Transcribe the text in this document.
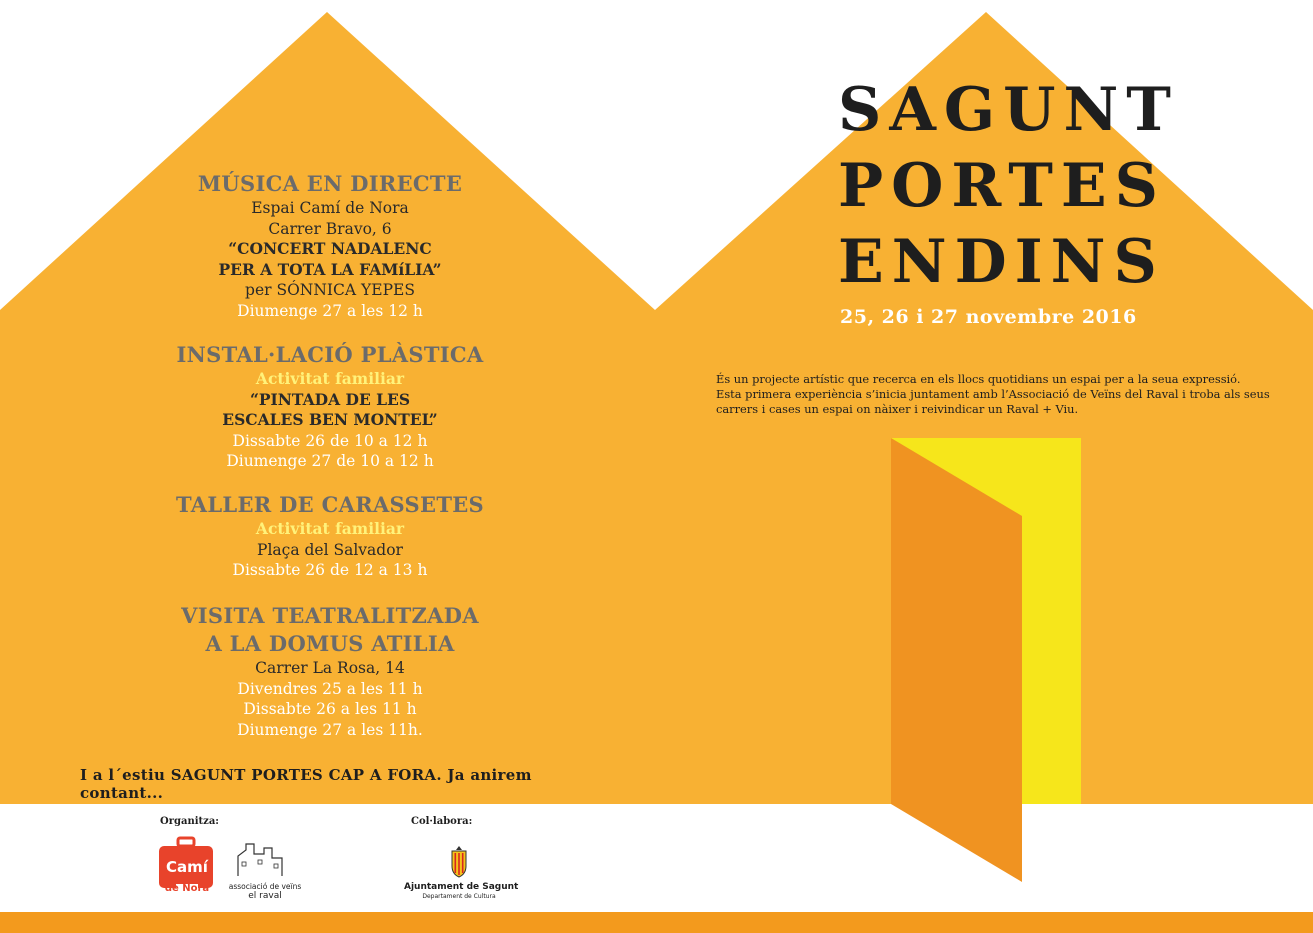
MÚSICA EN DIRECTE
Espai Camí de Nora
Carrer Bravo, 6
“CONCERT NADALENC
PER A TOTA LA FAMíLIA”
per SÓNNICA YEPES
Diumenge 27 a les 12 h
INSTAL·LACIÓ PLÀSTICA
Activitat familiar
“PINTADA DE LES
ESCALES BEN MONTEL”
Dissabte 26 de 10 a 12 h
Diumenge 27 de 10 a 12 h
TALLER DE CARASSETES
Activitat familiar
Plaça del Salvador
Dissabte 26 de 12 a 13 h
VISITA TEATRALITZADA
A LA DOMUS ATILIA
Carrer La Rosa, 14
Divendres 25 a les 11 h
Dissabte 26 a les 11 h
Diumenge 27 a les 11h.
I a l´estiu SAGUNT PORTES CAP A FORA. Ja anirem contant...
SAGUNT
PORTES
ENDINS
25, 26 i 27 novembre 2016
És un projecte artístic que recerca en els llocs quotidians un espai per a la seua expressió.
Esta primera experiència s’inicia juntament amb l’Associació de Veïns del Raval i troba als seus
carrers i cases un espai on nàixer i reivindicar un Raval + Viu.
Organitza:	Col·labora:
Camí
de Nora	associació de veïns
el raval
Ajuntament de Sagunt
Departament de Cultura
